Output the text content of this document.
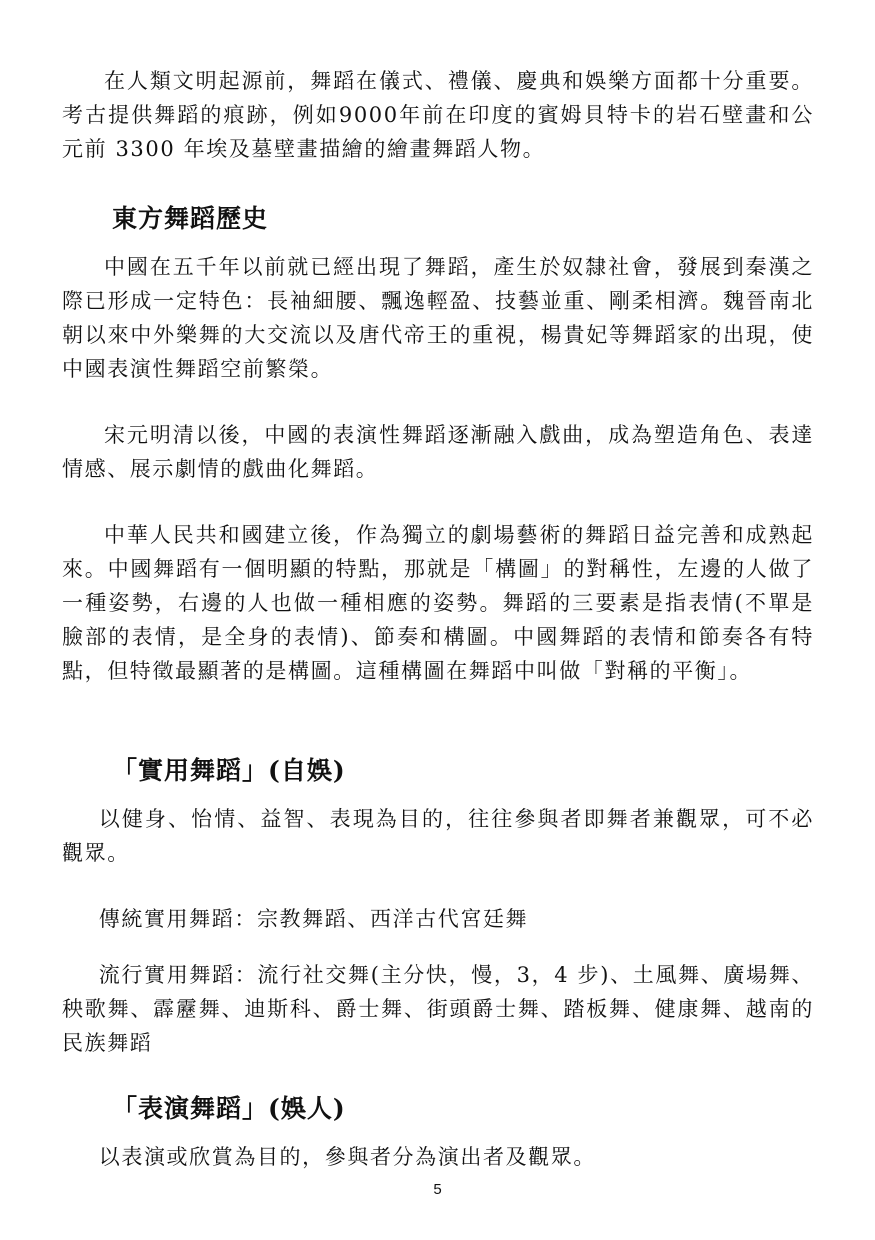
在人類文明起源前，舞蹈在儀式、禮儀、慶典和娛樂方面都十分重要。考古提供舞蹈的痕跡，例如9000年前在印度的賓姆貝特卡的岩石壁畫和公元前 3300 年埃及墓壁畫描繪的繪畫舞蹈人物。

東方舞蹈歷史

中國在五千年以前就已經出現了舞蹈，產生於奴隸社會，發展到秦漢之際已形成一定特色：長袖細腰、飄逸輕盈、技藝並重、剛柔相濟。魏晉南北朝以來中外樂舞的大交流以及唐代帝王的重視，楊貴妃等舞蹈家的出現，使中國表演性舞蹈空前繁榮。

宋元明清以後，中國的表演性舞蹈逐漸融入戲曲，成為塑造角色、表達情感、展示劇情的戲曲化舞蹈。

中華人民共和國建立後，作為獨立的劇場藝術的舞蹈日益完善和成熟起來。中國舞蹈有一個明顯的特點，那就是「構圖」的對稱性，左邊的人做了一種姿勢，右邊的人也做一種相應的姿勢。舞蹈的三要素是指表情(不單是臉部的表情，是全身的表情)、節奏和構圖。中國舞蹈的表情和節奏各有特點，但特徵最顯著的是構圖。這種構圖在舞蹈中叫做「對稱的平衡」。

「實用舞蹈」(自娛)

以健身、怡情、益智、表現為目的，往往參與者即舞者兼觀眾，可不必觀眾。

傳統實用舞蹈：宗教舞蹈、西洋古代宮廷舞

流行實用舞蹈：流行社交舞(主分快，慢，3，4 步)、土風舞、廣場舞、秧歌舞、霹靂舞、迪斯科、爵士舞、街頭爵士舞、踏板舞、健康舞、越南的民族舞蹈

「表演舞蹈」(娛人)

以表演或欣賞為目的，參與者分為演出者及觀眾。

5
